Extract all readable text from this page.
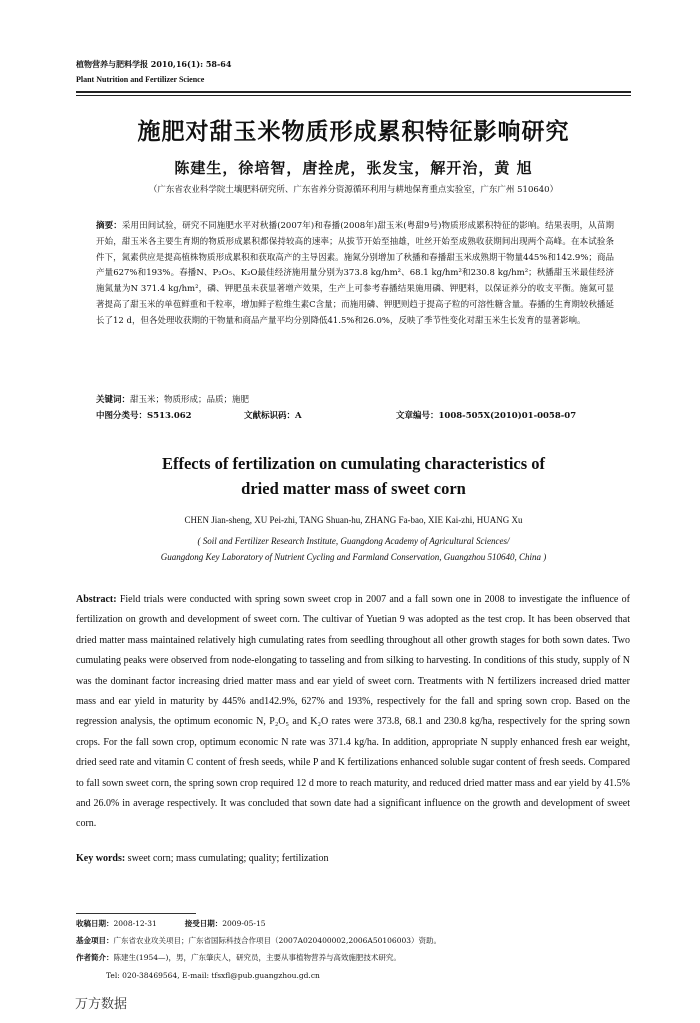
植物营养与肥料学报 2010,16(1): 58-64
Plant Nutrition and Fertilizer Science
施肥对甜玉米物质形成累积特征影响研究
陈建生，徐培智，唐拴虎，张发宝，解开治，黄 旭
（广东省农业科学院土壤肥料研究所、广东省养分资源循环利用与耕地保育重点实验室，广东广州 510640）

摘要：采用田间试验，研究不同施肥水平对秋播(2007年)和春播(2008年)甜玉米(粤甜9号)物质形成累积特征的影响。结果表明，从苗期开始，甜玉米各主要生育期的物质形成累积都保持较高的速率；从拔节开始至抽雄，吐丝开始至成熟收获期间出现两个高峰。在本试验条件下，氮素供应是提高植株物质形成累积和获取高产的主导因素。施氮分别增加了秋播和春播甜玉米成熟期干物量445%和142.9%；商品产量627%和193%。春播N、P₂O₅、K₂O最佳经济施用量分别为373.8 kg/hm²、68.1 kg/hm²和230.8 kg/hm²；秋播甜玉米最佳经济施氮量为N 371.4 kg/hm²，磷、钾肥虽未获显著增产效果，生产上可参考春播结果施用磷、钾肥料，以保证养分的收支平衡。施氮可显著提高了甜玉米的单苞鲜重和千粒率，增加鲜子粒维生素C含量；而施用磷、钾肥则趋于提高子粒的可溶性糖含量。春播的生育期较秋播延长了12 d，但各处理收获期的干物量和商品产量平均分别降低41.5%和26.0%，反映了季节性变化对甜玉米生长发育的显著影响。

关键词：甜玉米；物质形成；品质；施肥
中图分类号：S513.062	文献标识码：A	文章编号：1008-505X(2010)01-0058-07
Effects of fertilization on cumulating characteristics of
dried matter mass of sweet corn
CHEN Jian-sheng, XU Pei-zhi, TANG Shuan-hu, ZHANG Fa-bao, XIE Kai-zhi, HUANG Xu
( Soil and Fertilizer Research Institute, Guangdong Academy of Agricultural Sciences/
Guangdong Key Laboratory of Nutrient Cycling and Farmland Conservation, Guangzhou 510640, China )

Abstract: Field trials were conducted with spring sown sweet crop in 2007 and a fall sown one in 2008 to investigate the influence of fertilization on growth and development of sweet corn. The cultivar of Yuetian 9 was adopted as the test crop. It has been observed that dried matter mass maintained relatively high cumulating rates from seedling throughout all other growth stages for both sown dates. Two cumulating peaks were observed from node-elongating to tasseling and from silking to harvesting. In conditions of this study, supply of N was the dominant factor increasing dried matter mass and ear yield of sweet corn. Treatments with N fertilizers increased dried matter mass and ear yield in maturity by 445% and142.9%, 627% and 193%, respectively for the fall and spring sown crop. Based on the regression analysis, the optimum economic N, P₂O₅ and K₂O rates were 373.8, 68.1 and 230.8 kg/ha, respectively for the spring sown crops. For the fall sown crop, optimum economic N rate was 371.4 kg/ha. In addition, appropriate N supply enhanced fresh ear weight, dried seed rate and vitamin C content of fresh seeds, while P and K fertilizations enhanced soluble sugar content of fresh seeds. Compared to fall sown sweet corn, the spring sown crop required 12 d more to reach maturity, and reduced dried matter mass and ear yield by 41.5% and 26.0% in average respectively. It was concluded that sown date had a significant influence on the growth and development of sweet corn.

Key words: sweet corn; mass cumulating; quality; fertilization
收稿日期：2008-12-31	接受日期：2009-05-15
基金项目：广东省农业攻关项目；广东省国际科技合作项目（2007A020400002,2006A50106003）资助。
作者简介：陈建生(1954—)，男，广东肇庆人，研究员，主要从事植物营养与高效施肥技术研究。
Tel: 020-38469564, E-mail: tfsxfl@pub.guangzhou.gd.cn
万方数据
